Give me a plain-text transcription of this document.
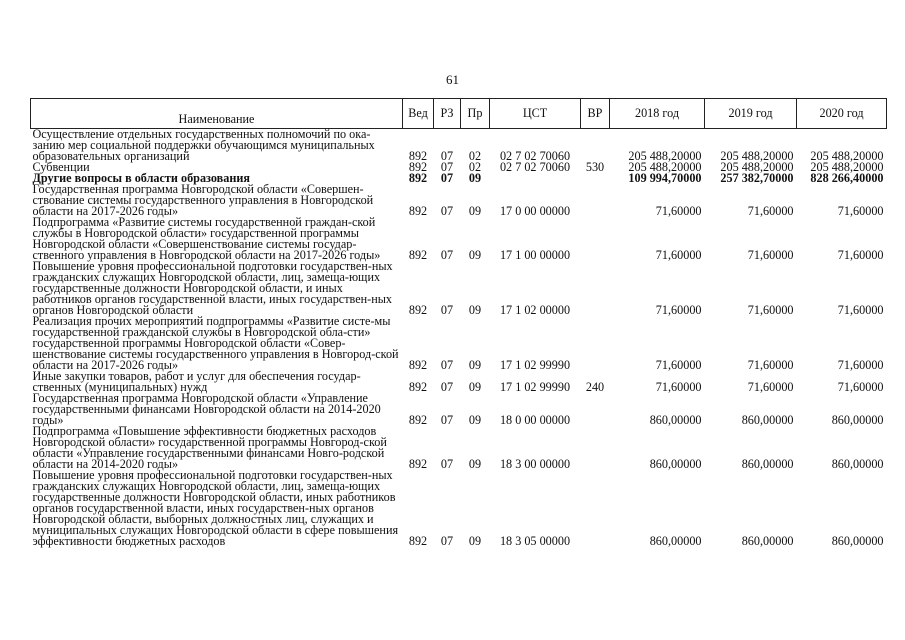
61
Наименование	Вед	РЗ	Пр	ЦСТ	ВР	2018 год	2019 год	2020 год
Осуществление отдельных государственных полномочий по ока-занию мер социальной поддержки обучающимся муниципальных образовательных организаций	892	07	02	02 7 02 70060		205 488,20000	205 488,20000	205 488,20000
Субвенции	892	07	02	02 7 02 70060	530	205 488,20000	205 488,20000	205 488,20000
Другие вопросы в области образования	892	07	09			109 994,70000	257 382,70000	828 266,40000
Государственная программа Новгородской области «Совершен-ствование системы государственного управления в Новгородской области на 2017-2026 годы»	892	07	09	17 0 00 00000		71,60000	71,60000	71,60000
Подпрограмма «Развитие системы государственной граждан-ской службы в Новгородской области» государственной программы Новгородской области «Совершенствование системы государ-ственного управления в Новгородской области на 2017-2026 годы»	892	07	09	17 1 00 00000		71,60000	71,60000	71,60000
Повышение уровня профессиональной подготовки государствен-ных гражданских служащих Новгородской области, лиц, замеща-ющих государственные должности Новгородской области, и иных работников органов государственной власти, иных государствен-ных органов Новгородской области	892	07	09	17 1 02 00000		71,60000	71,60000	71,60000
Реализация прочих мероприятий подпрограммы «Развитие систе-мы государственной гражданской службы в Новгородской обла-сти» государственной программы Новгородской области «Совер-шенствование системы государственного управления в Новгород-ской области на 2017-2026 годы»	892	07	09	17 1 02 99990		71,60000	71,60000	71,60000
Иные закупки товаров, работ и услуг для обеспечения государ-ственных (муниципальных) нужд	892	07	09	17 1 02 99990	240	71,60000	71,60000	71,60000
Государственная программа Новгородской области «Управление государственными финансами Новгородской области на 2014-2020 годы»	892	07	09	18 0 00 00000		860,00000	860,00000	860,00000
Подпрограмма «Повышение эффективности бюджетных расходов Новгородской области» государственной программы Новгород-ской области «Управление государственными финансами Новго-родской области на 2014-2020 годы»	892	07	09	18 3 00 00000		860,00000	860,00000	860,00000
Повышение уровня профессиональной подготовки государствен-ных гражданских служащих Новгородской области, лиц, замеща-ющих государственные должности Новгородской области, иных работников органов государственной власти, иных государствен-ных органов Новгородской области, выборных должностных лиц, служащих и муниципальных служащих Новгородской области в сфере повышения эффективности бюджетных расходов	892	07	09	18 3 05 00000		860,00000	860,00000	860,00000
